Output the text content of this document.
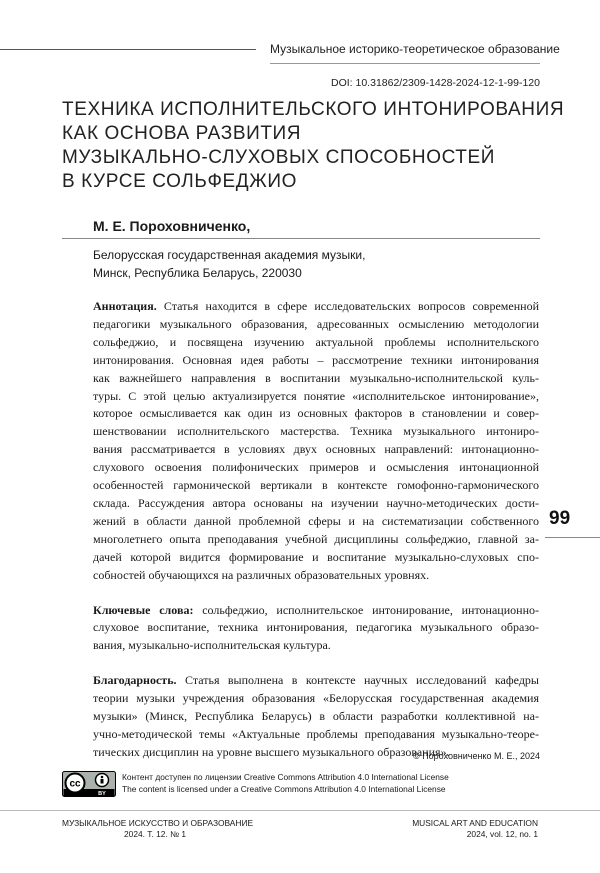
Музыкальное историко-теоретическое образование
DOI: 10.31862/2309-1428-2024-12-1-99-120
ТЕХНИКА ИСПОЛНИТЕЛЬСКОГО ИНТОНИРОВАНИЯ
КАК ОСНОВА РАЗВИТИЯ
МУЗЫКАЛЬНО-СЛУХОВЫХ СПОСОБНОСТЕЙ
В КУРСЕ СОЛЬФЕДЖИО
М. Е. Пороховниченко,
Белорусская государственная академия музыки,
Минск, Республика Беларусь, 220030
Аннотация. Статья находится в сфере исследовательских вопросов современной
педагогики музыкального образования, адресованных осмыслению методологии
сольфеджио, и посвящена изучению актуальной проблемы исполнительского
интонирования. Основная идея работы – рассмотрение техники интонирования
как важнейшего направления в воспитании музыкально-исполнительской куль-
туры. С этой целью актуализируется понятие «исполнительское интонирование»,
которое осмысливается как один из основных факторов в становлении и совер-
шенствовании исполнительского мастерства. Техника музыкального интониро-
вания рассматривается в условиях двух основных направлений: интонационно-
слухового освоения полифонических примеров и осмысления интонационной
особенностей гармонической вертикали в контексте гомофонно-гармонического
склада. Рассуждения автора основаны на изучении научно-методических дости-
жений в области данной проблемной сферы и на систематизации собственного
многолетнего опыта преподавания учебной дисциплины сольфеджио, главной за-
дачей которой видится формирование и воспитание музыкально-слуховых спо-
собностей обучающихся на различных образовательных уровнях.
Ключевые слова: сольфеджио, исполнительское интонирование, интонационно-
слуховое воспитание, техника интонирования, педагогика музыкального образо-
вания, музыкально-исполнительская культура.
Благодарность. Статья выполнена в контексте научных исследований кафедры
теории музыки учреждения образования «Белорусская государственная академия
музыки» (Минск, Республика Беларусь) в области разработки коллективной на-
учно-методической темы «Актуальные проблемы преподавания музыкально-теоре-
тических дисциплин на уровне высшего музыкального образования».
99
© Пороховниченко М. Е., 2024
cc
BY
Контент доступен по лицензии Creative Commons Attribution 4.0 International License
The content is licensed under a Creative Commons Attribution 4.0 International License
МУЗЫКАЛЬНОЕ ИСКУССТВО И ОБРАЗОВАНИЕ
2024. Т. 12. № 1
MUSICAL ART AND EDUCATION
2024, vol. 12, no. 1
